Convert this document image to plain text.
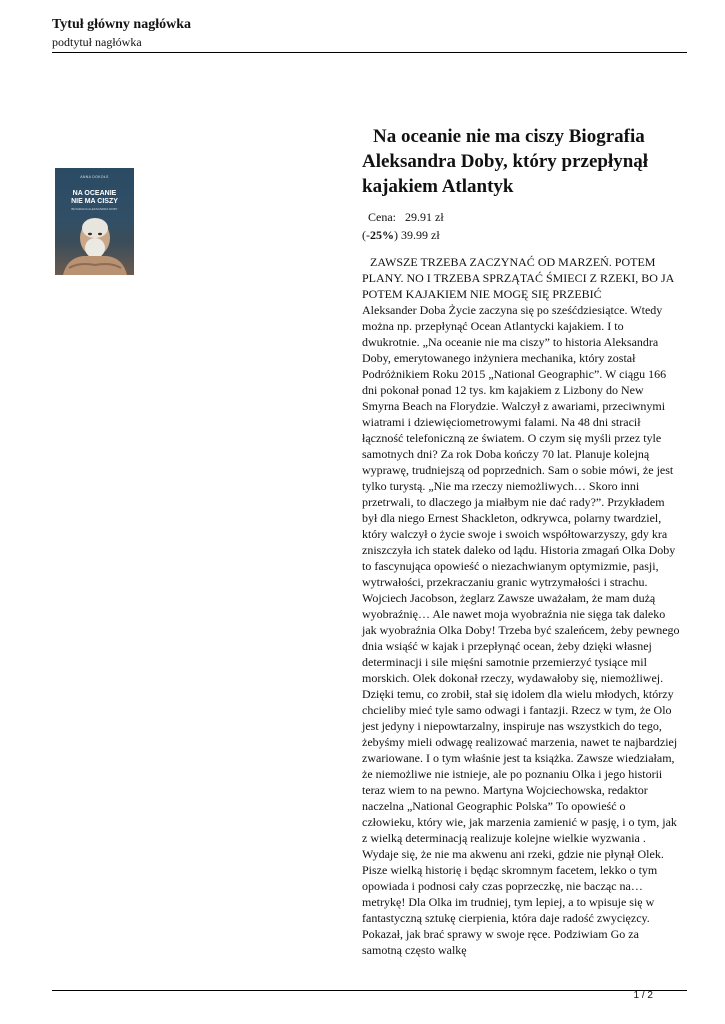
Tytuł główny nagłówka
podtytuł nagłówka
ANNA DOKOŁS
NA OCEANIE
NIE MA CISZY
BIOGRAFIA ALEKSANDRA DOBY
Na oceanie nie ma ciszy Biografia Aleksandra Doby, który przepłynął kajakiem Atlantyk
Cena: 29.91 zł
(-25%) 39.99 zł

ZAWSZE TRZEBA ZACZYNAĆ OD MARZEŃ. POTEM PLANY. NO I TRZEBA SPRZĄTAĆ ŚMIECI Z RZEKI, BO JA POTEM KAJAKIEM NIE MOGĘ SIĘ PRZEBIĆ
Aleksander Doba Życie zaczyna się po sześćdziesiątce. Wtedy można np. przepłynąć Ocean Atlantycki kajakiem. I to dwukrotnie. „Na oceanie nie ma ciszy” to historia Aleksandra Doby, emerytowanego inżyniera mechanika, który został Podróżnikiem Roku 2015 „National Geographic”. W ciągu 166 dni pokonał ponad 12 tys. km kajakiem z Lizbony do New Smyrna Beach na Florydzie. Walczył z awariami, przeciwnymi wiatrami i dziewięciometrowymi falami. Na 48 dni stracił łączność telefoniczną ze światem. O czym się myśli przez tyle samotnych dni? Za rok Doba kończy 70 lat. Planuje kolejną wyprawę, trudniejszą od poprzednich. Sam o sobie mówi, że jest tylko turystą. „Nie ma rzeczy niemożliwych… Skoro inni przetrwali, to dlaczego ja miałbym nie dać rady?”. Przykładem był dla niego Ernest Shackleton, odkrywca, polarny twardziel, który walczył o życie swoje i swoich współtowarzyszy, gdy kra zniszczyła ich statek daleko od lądu. Historia zmagań Olka Doby to fascynująca opowieść o niezachwianym optymizmie, pasji, wytrwałości, przekraczaniu granic wytrzymałości i strachu. Wojciech Jacobson, żeglarz Zawsze uważałam, że mam dużą wyobraźnię… Ale nawet moja wyobraźnia nie sięga tak daleko jak wyobraźnia Olka Doby! Trzeba być szaleńcem, żeby pewnego dnia wsiąść w kajak i przepłynąć ocean, żeby dzięki własnej determinacji i sile mięśni samotnie przemierzyć tysiące mil morskich. Olek dokonał rzeczy, wydawałoby się, niemożliwej. Dzięki temu, co zrobił, stał się idolem dla wielu młodych, którzy chcieliby mieć tyle samo odwagi i fantazji. Rzecz w tym, że Olo jest jedyny i niepowtarzalny, inspiruje nas wszystkich do tego, żebyśmy mieli odwagę realizować marzenia, nawet te najbardziej zwariowane. I o tym właśnie jest ta książka. Zawsze wiedziałam, że niemożliwe nie istnieje, ale po poznaniu Olka i jego historii teraz wiem to na pewno. Martyna Wojciechowska, redaktor naczelna „National Geographic Polska” To opowieść o człowieku, który wie, jak marzenia zamienić w pasję, i o tym, jak z wielką determinacją realizuje kolejne wielkie wyzwania . Wydaje się, że nie ma akwenu ani rzeki, gdzie nie płynął Olek. Pisze wielką historię i będąc skromnym facetem, lekko o tym opowiada i podnosi cały czas poprzeczkę, nie bacząc na… metrykę! Dla Olka im trudniej, tym lepiej, a to wpisuje się w fantastyczną sztukę cierpienia, która daje radość zwycięzcy. Pokazał, jak brać sprawy w swoje ręce. Podziwiam Go za samotną często walkę

1 / 2
